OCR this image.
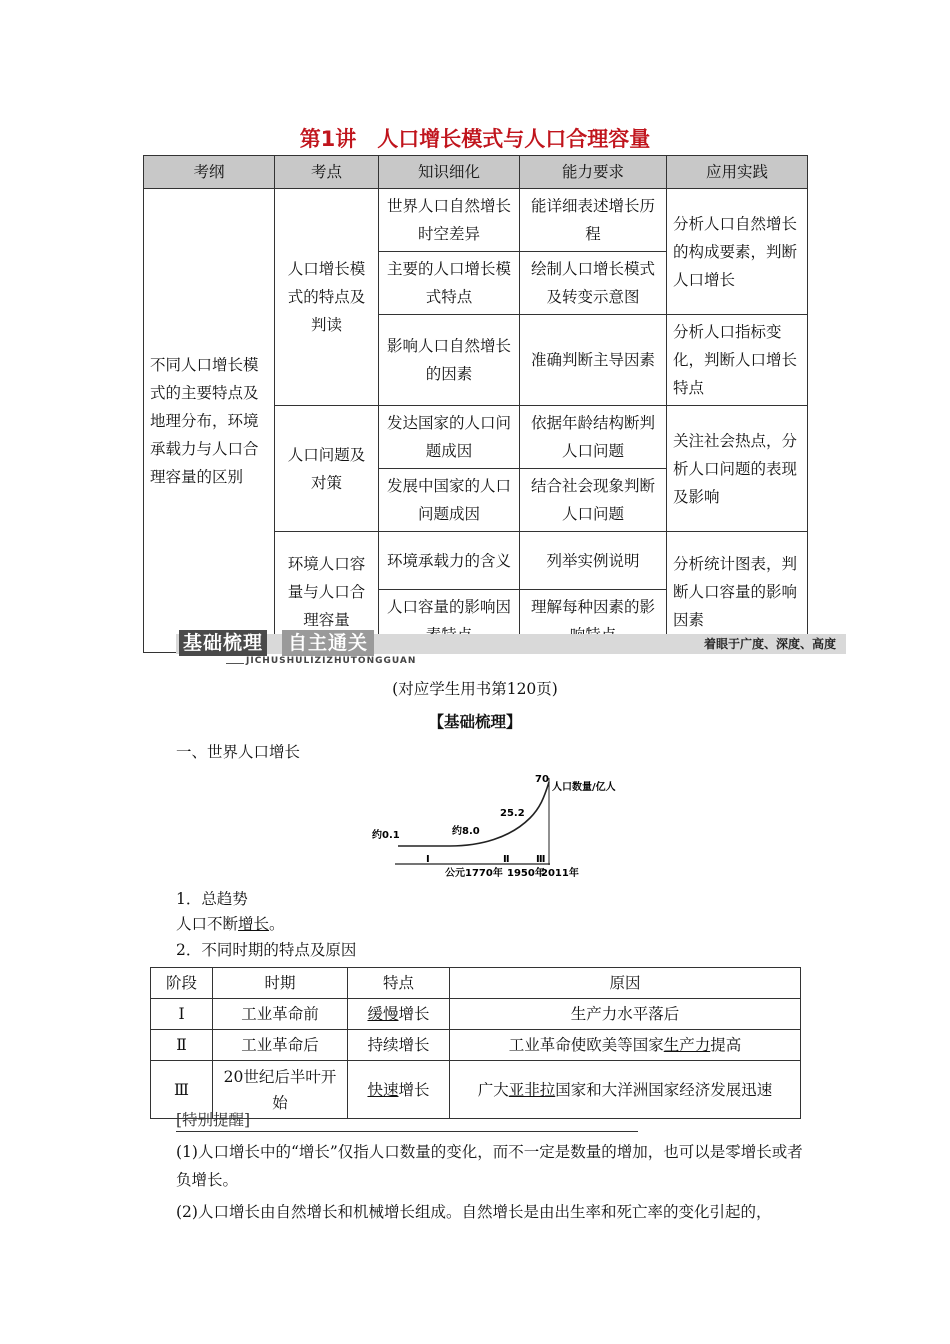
第1讲　人口增长模式与人口合理容量
考纲	考点	知识细化	能力要求	应用实践
不同人口增长模式的主要特点及地理分布，环境承载力与人口合理容量的区别	人口增长模式的特点及判读	世界人口自然增长时空差异	能详细表述增长历程	分析人口自然增长的构成要素，判断人口增长
		主要的人口增长模式特点	绘制人口增长模式及转变示意图	
		影响人口自然增长的因素	准确判断主导因素	分析人口指标变化，判断人口增长特点
	人口问题及对策	发达国家的人口问题成因	依据年龄结构断判人口问题	关注社会热点，分析人口问题的表现及影响
		发展中国家的人口问题成因	结合社会现象判断人口问题	
	环境人口容量与人口合理容量	环境承载力的含义	列举实例说明	分析统计图表，判断人口容量的影响因素
		人口容量的影响因	理解每种因素的影	
基础梳理	自主通关
JICHUSHULIZIZHUTONGGUAN
着眼于广度、深度、高度
(对应学生用书第120页)
【基础梳理】
一、世界人口增长
约0.1	约8.0
25.2
70
人口数量/亿人
Ⅰ	Ⅱ	Ⅲ
公元1770年 1950年
2011年
1．总趋势
人口不断增长。
2．不同时期的特点及原因
阶段	时期	特点	原因
Ⅰ	工业革命前	缓慢增长	生产力水平落后
Ⅱ	工业革命后	持续增长	工业革命使欧美等国家生产力提高
Ⅲ	20世纪后半叶开始	快速增长	广大亚非拉国家和大洋洲国家经济发展迅速
[特别提醒]
(1)人口增长中的“增长”仅指人口数量的变化，而不一定是数量的增加，也可以是零增长或者负增长。
(2)人口增长由自然增长和机械增长组成。自然增长是由出生率和死亡率的变化引起的，
